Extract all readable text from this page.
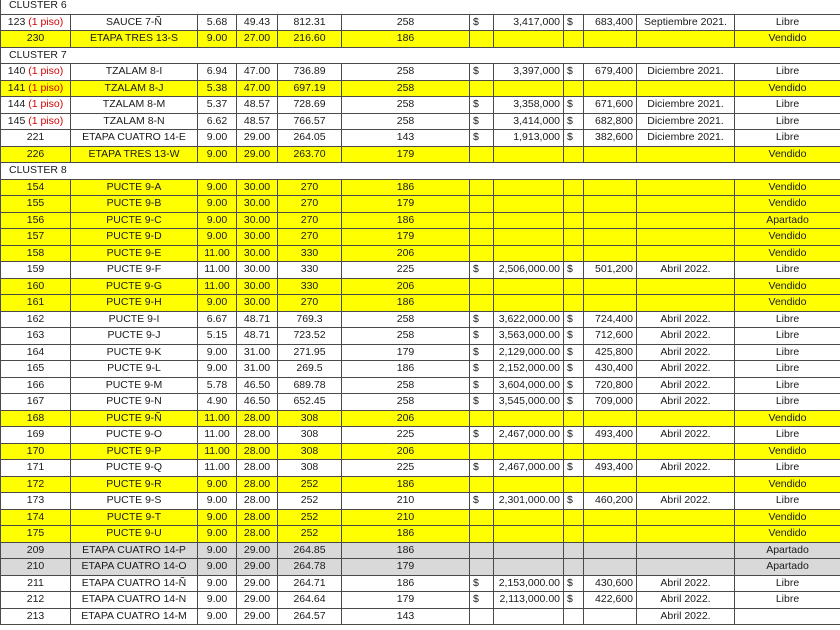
CLUSTER 6											
123 (1 piso)	SAUCE 7-Ñ	5.68	49.43	812.31	258	$	3,417,000	$	683,400	Septiembre 2021.	Libre
230	ETAPA TRES 13-S	9.00	27.00	216.60	186						Vendido
CLUSTER 7											
140 (1 piso)	TZALAM 8-I	6.94	47.00	736.89	258	$	3,397,000	$	679,400	Diciembre 2021.	Libre
141 (1 piso)	TZALAM 8-J	5.38	47.00	697.19	258						Vendido
144 (1 piso)	TZALAM 8-M	5.37	48.57	728.69	258	$	3,358,000	$	671,600	Diciembre 2021.	Libre
145 (1 piso)	TZALAM 8-N	6.62	48.57	766.57	258	$	3,414,000	$	682,800	Diciembre 2021.	Libre
221	ETAPA CUATRO 14-E	9.00	29.00	264.05	143	$	1,913,000	$	382,600	Diciembre 2021.	Libre
226	ETAPA TRES 13-W	9.00	29.00	263.70	179						Vendido
CLUSTER 8											
154	PUCTE 9-A	9.00	30.00	270	186						Vendido
155	PUCTE 9-B	9.00	30.00	270	179						Vendido
156	PUCTE 9-C	9.00	30.00	270	186						Apartado
157	PUCTE 9-D	9.00	30.00	270	179						Vendido
158	PUCTE 9-E	11.00	30.00	330	206						Vendido
159	PUCTE 9-F	11.00	30.00	330	225	$	2,506,000.00	$	501,200	Abril 2022.	Libre
160	PUCTE 9-G	11.00	30.00	330	206						Vendido
161	PUCTE 9-H	9.00	30.00	270	186						Vendido
162	PUCTE 9-I	6.67	48.71	769.3	258	$	3,622,000.00	$	724,400	Abril 2022.	Libre
163	PUCTE 9-J	5.15	48.71	723.52	258	$	3,563,000.00	$	712,600	Abril 2022.	Libre
164	PUCTE 9-K	9.00	31.00	271.95	179	$	2,129,000.00	$	425,800	Abril 2022.	Libre
165	PUCTE 9-L	9.00	31.00	269.5	186	$	2,152,000.00	$	430,400	Abril 2022.	Libre
166	PUCTE 9-M	5.78	46.50	689.78	258	$	3,604,000.00	$	720,800	Abril 2022.	Libre
167	PUCTE 9-N	4.90	46.50	652.45	258	$	3,545,000.00	$	709,000	Abril 2022.	Libre
168	PUCTE 9-Ñ	11.00	28.00	308	206						Vendido
169	PUCTE 9-O	11.00	28.00	308	225	$	2,467,000.00	$	493,400	Abril 2022.	Libre
170	PUCTE 9-P	11.00	28.00	308	206						Vendido
171	PUCTE 9-Q	11.00	28.00	308	225	$	2,467,000.00	$	493,400	Abril 2022.	Libre
172	PUCTE 9-R	9.00	28.00	252	186						Vendido
173	PUCTE 9-S	9.00	28.00	252	210	$	2,301,000.00	$	460,200	Abril 2022.	Libre
174	PUCTE 9-T	9.00	28.00	252	210						Vendido
175	PUCTE 9-U	9.00	28.00	252	186						Vendido
209	ETAPA CUATRO 14-P	9.00	29.00	264.85	186						Apartado
210	ETAPA CUATRO 14-O	9.00	29.00	264.78	179						Apartado
211	ETAPA CUATRO 14-Ñ	9.00	29.00	264.71	186	$	2,153,000.00	$	430,600	Abril 2022.	Libre
212	ETAPA CUATRO 14-N	9.00	29.00	264.64	179	$	2,113,000.00	$	422,600	Abril 2022.	Libre
213	ETAPA CUATRO 14-M	9.00	29.00	264.57	143					Abril 2022.	
